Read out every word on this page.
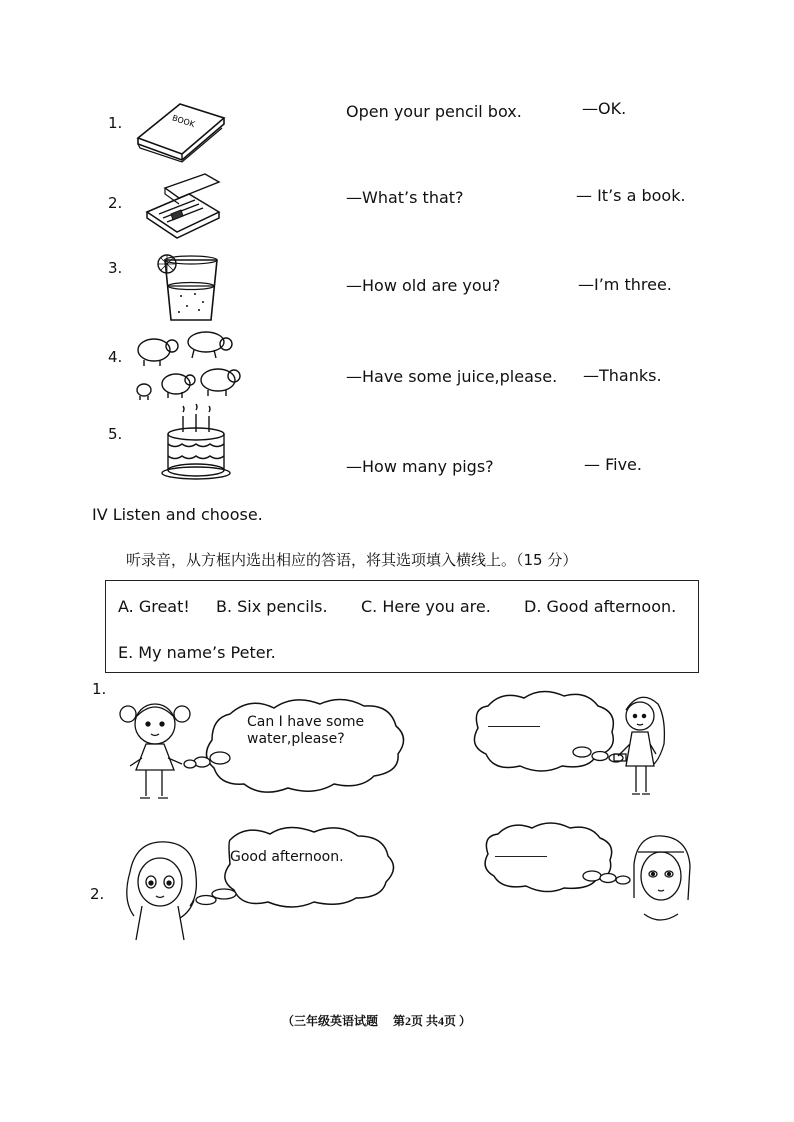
1.
2.
3.
4.
5.
BOOK
Open your pencil box.
—What’s that?
—How old are you?
—Have some juice,please.
—How many pigs?
—OK.
— It’s a book.
—I’m three.
—Thanks.
— Five.
IV Listen and choose.
听录音，从方框内选出相应的答语，将其选项填入横线上。（15 分）
A. Great! B. Six pencils. C. Here you are. D. Good afternoon.
E. My name’s Peter.
1.
Can I have some
water,please?
2.
Good afternoon.
（三年级英语试题　 第2页 共4页 ）
